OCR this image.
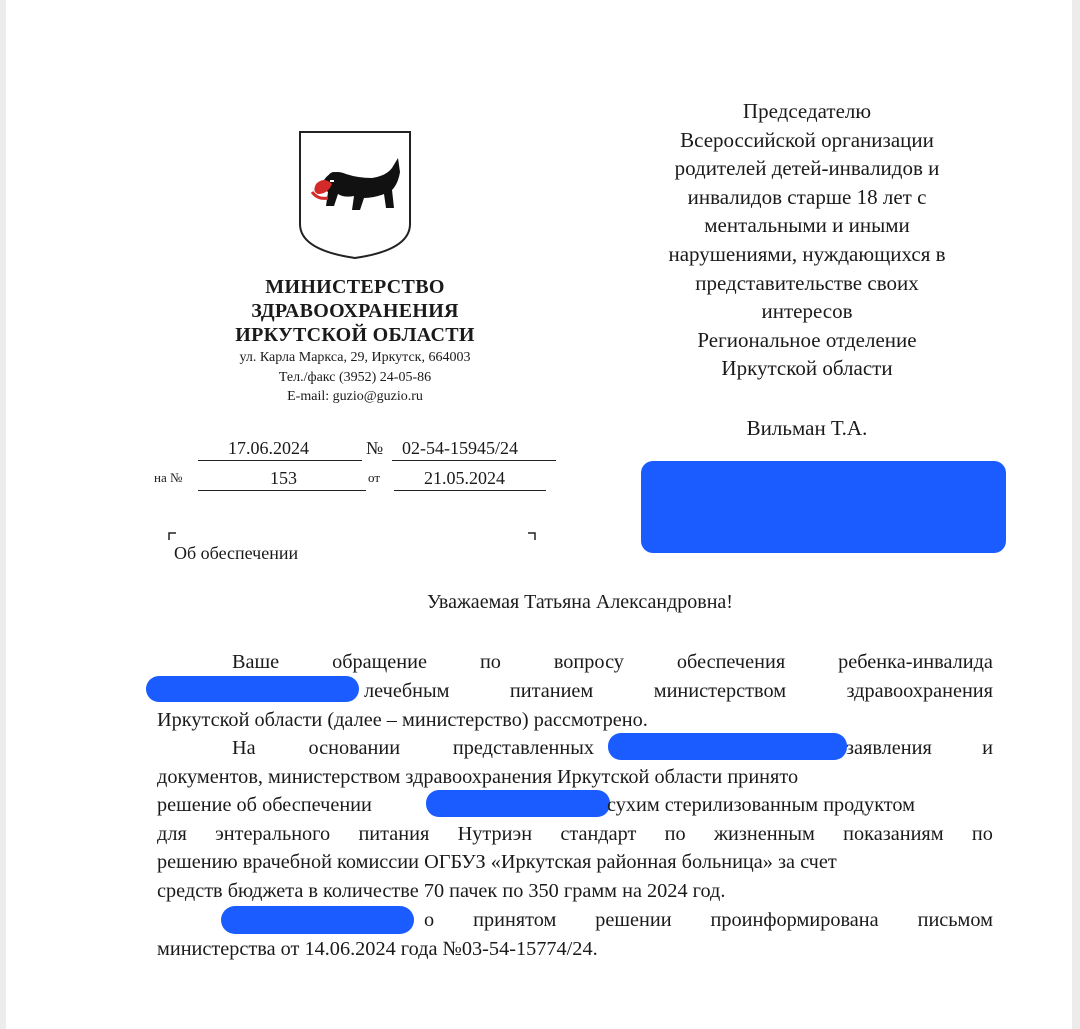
МИНИСТЕРСТВО
ЗДРАВООХРАНЕНИЯ
ИРКУТСКОЙ ОБЛАСТИ
ул. Карла Маркса, 29, Иркутск, 664003
Тел./факс (3952) 24-05-86
E-mail: guzio@guzio.ru
17.06.2024	№ 02-54-15945/24
на №	153	от 21.05.2024
Об обеспечении
Председателю
Всероссийской организации
родителей детей-инвалидов и
инвалидов старше 18 лет с
ментальными и иными
нарушениями, нуждающихся в
представительстве своих
интересов
Региональное отделение
Иркутской области
Вильман Т.А.
Уважаемая Татьяна Александровна!
Ваше	обращение	по	вопросу	обеспечения	ребенка-инвалида
лечебным	питанием	министерством	здравоохранения
Иркутской области (далее – министерство) рассмотрено.
На	основании	представленных	заявления и
документов, министерством здравоохранения Иркутской области принято
решение об обеспечении	сухим стерилизованным продуктом
для энтерального питания Нутриэн стандарт по жизненным показаниям по
решению врачебной комиссии ОГБУЗ «Иркутская районная больница» за счет
средств бюджета в количестве 70 пачек по 350 грамм на 2024 год.
о принятом решении проинформирована письмом
министерства от 14.06.2024 года №03-54-15774/24.
